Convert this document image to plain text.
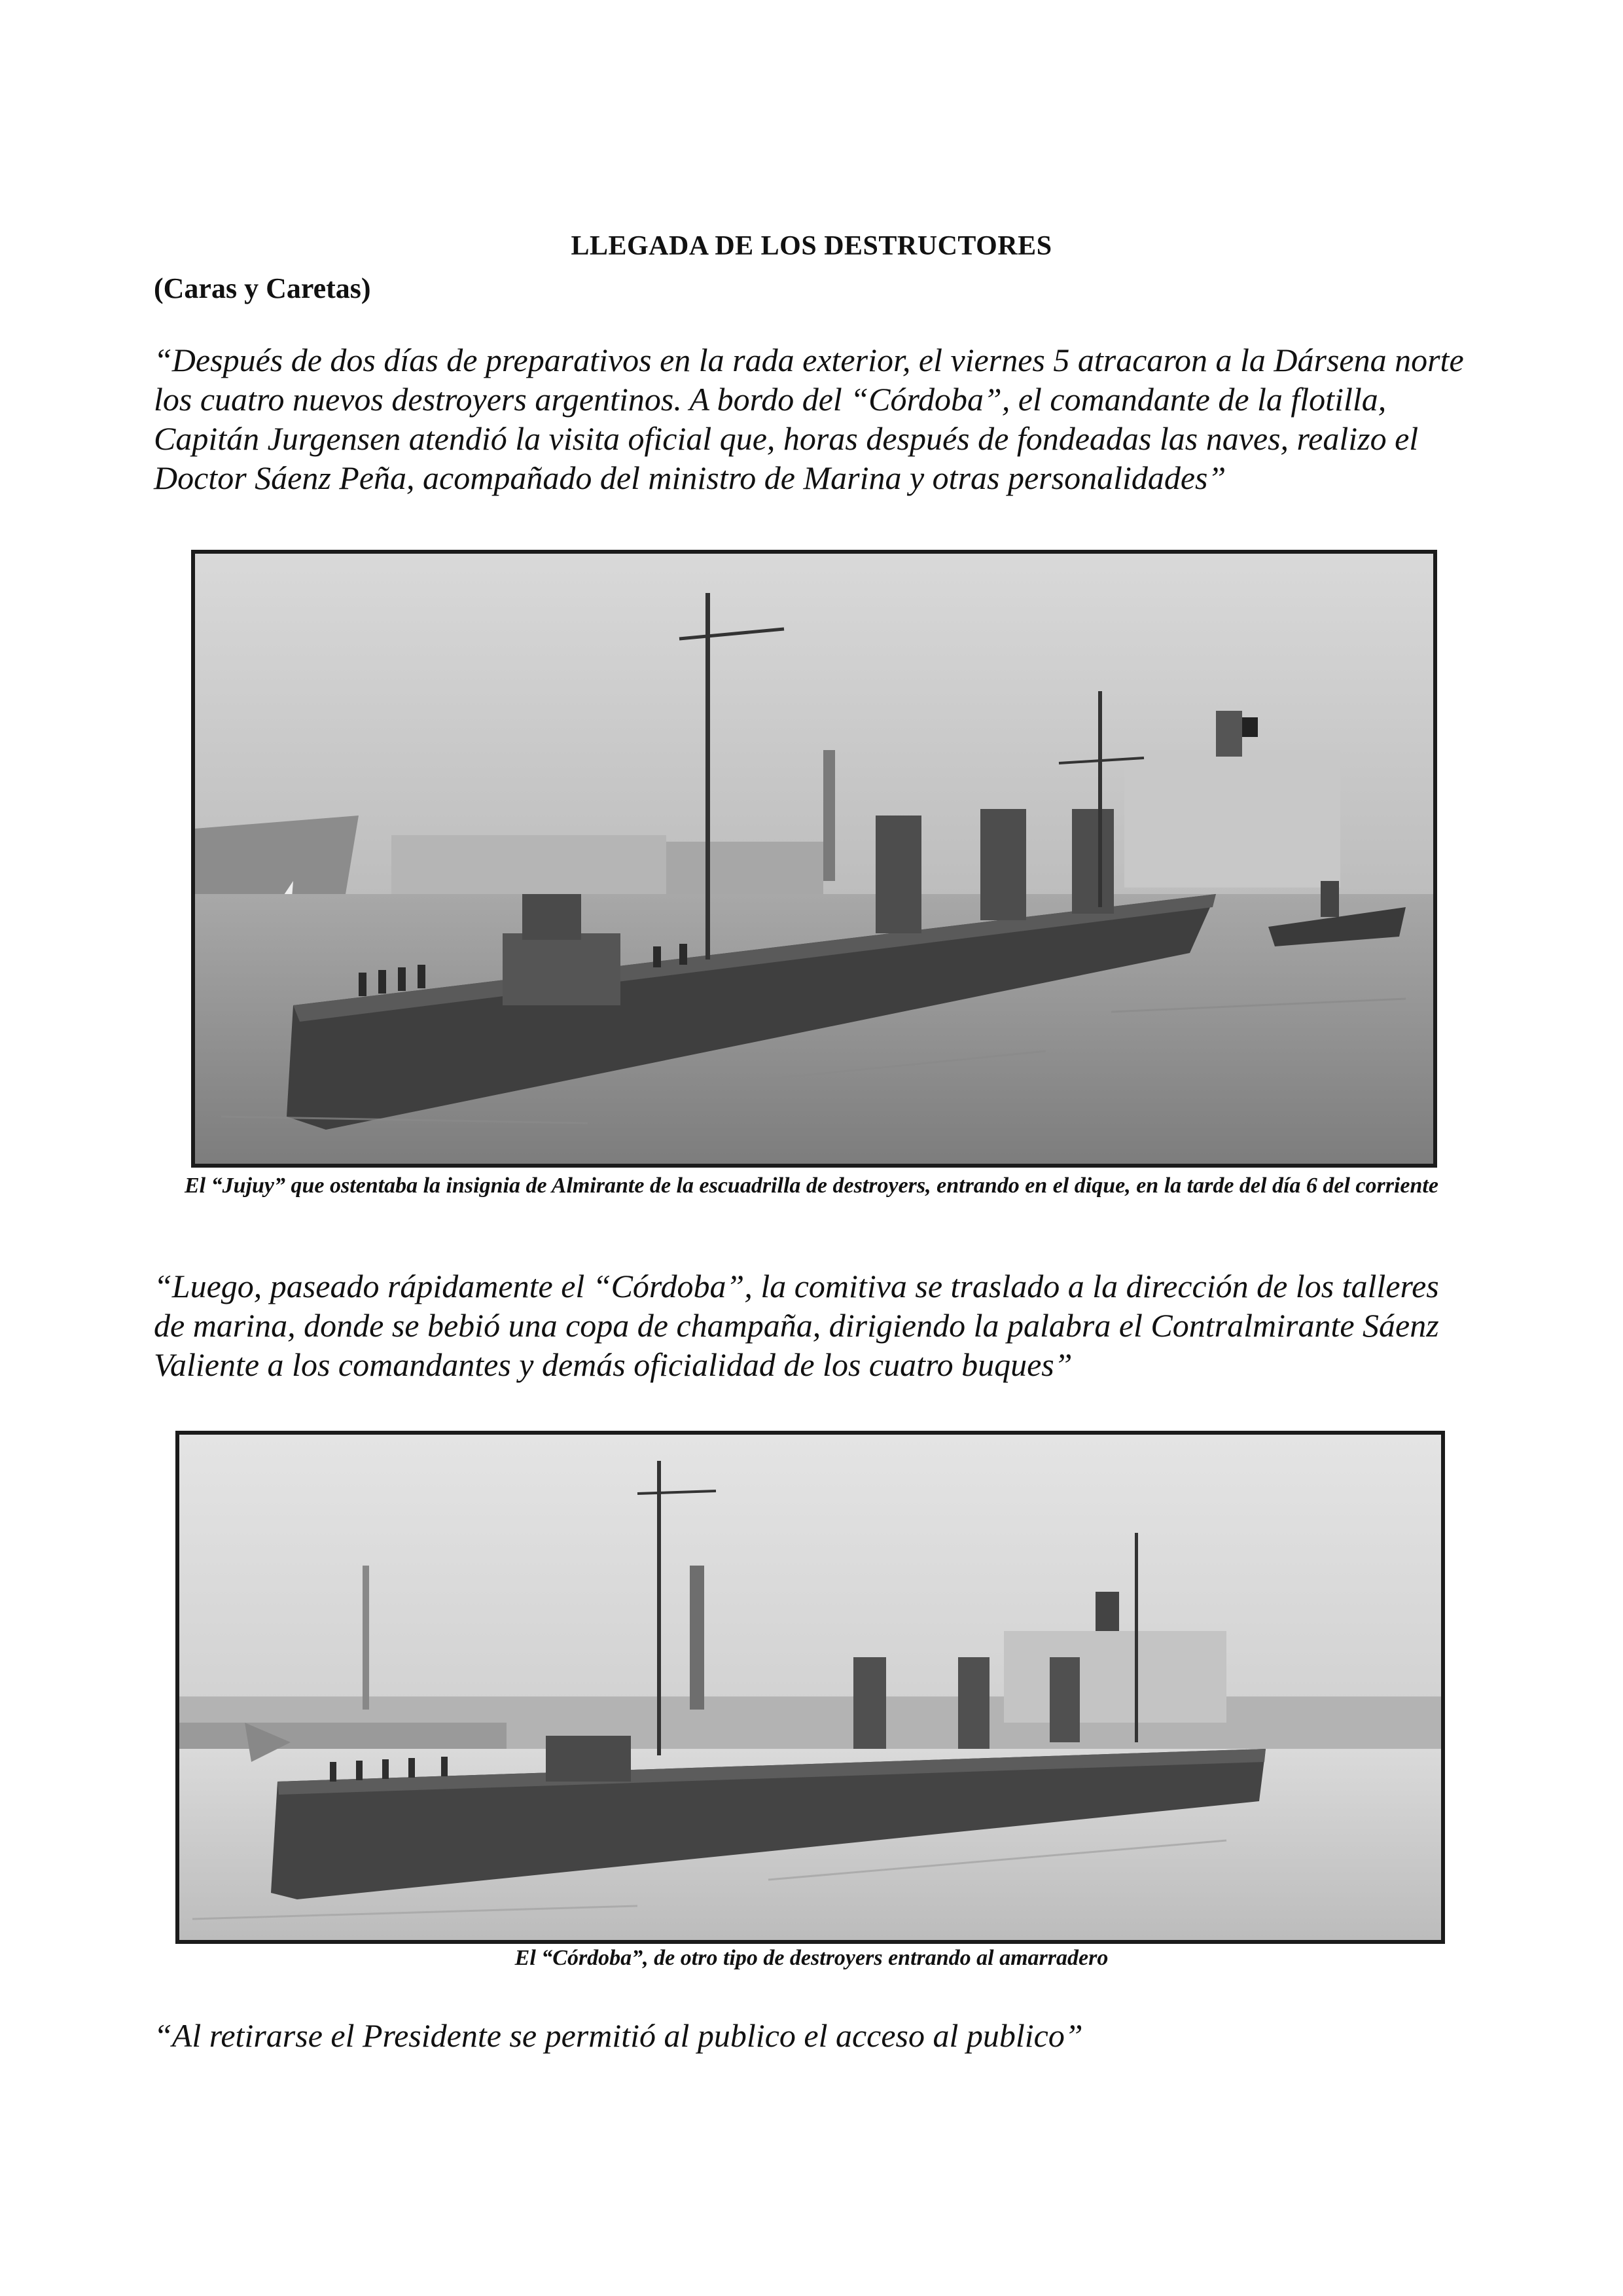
LLEGADA DE LOS DESTRUCTORES
(Caras y Caretas)
“Después de dos días de preparativos en la rada exterior, el viernes 5 atracaron a la Dársena norte los cuatro nuevos destroyers argentinos. A bordo del “Córdoba”, el comandante de la flotilla, Capitán Jurgensen atendió la visita oficial que, horas después de fondeadas las naves, realizo el Doctor Sáenz Peña, acompañado del ministro de Marina y otras personalidades”
El “Jujuy” que ostentaba la insignia de Almirante de la escuadrilla de destroyers, entrando en el dique, en la tarde del día 6 del corriente
“Luego, paseado rápidamente el “Córdoba”, la comitiva se traslado a la dirección de los talleres de marina, donde se bebió una copa de champaña, dirigiendo la palabra el Contralmirante Sáenz Valiente a los comandantes y demás oficialidad de los cuatro buques”
El “Córdoba”, de otro tipo de destroyers entrando al amarradero
“Al retirarse el Presidente se permitió al publico el acceso al publico”
